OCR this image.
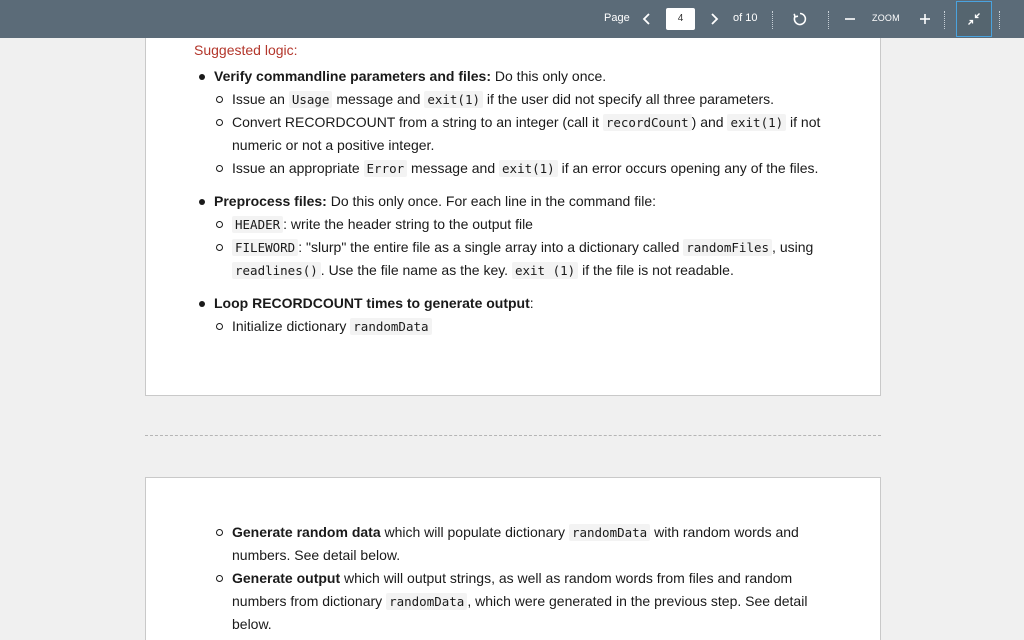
Page	4	of 10	ZOOM
Suggested logic:
Verify commandline parameters and files: Do this only once.
Issue an Usage message and exit(1) if the user did not specify all three parameters.
Convert RECORDCOUNT from a string to an integer (call it recordCount ) and exit(1) if not numeric or not a positive integer.
Issue an appropriate Error message and exit(1) if an error occurs opening any of the files.
Preprocess files: Do this only once. For each line in the command file:
HEADER : write the header string to the output file
FILEWORD : "slurp" the entire file as a single array into a dictionary called randomFiles , using readlines() . Use the file name as the key. exit (1) if the file is not readable.
Loop RECORDCOUNT times to generate output:
Initialize dictionary randomData
Generate random data which will populate dictionary randomData with random words and numbers. See detail below.
Generate output which will output strings, as well as random words from files and random numbers from dictionary randomData , which were generated in the previous step. See detail below.
